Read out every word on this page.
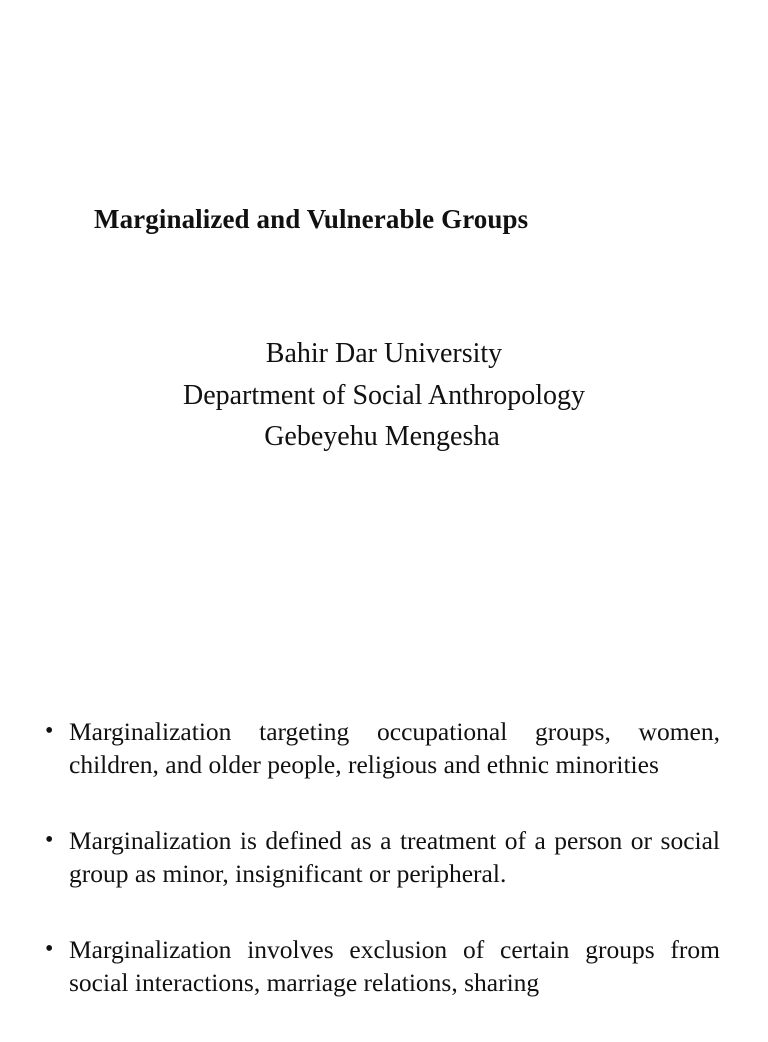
Marginalized and Vulnerable Groups
Bahir Dar University
Department of Social Anthropology
Gebeyehu Mengesha
• Marginalization targeting occupational groups, women, children, and older people, religious and ethnic minorities
• Marginalization is defined as a treatment of a person or social group as minor, insignificant or peripheral.
• Marginalization involves exclusion of certain groups from social interactions, marriage relations, sharing
